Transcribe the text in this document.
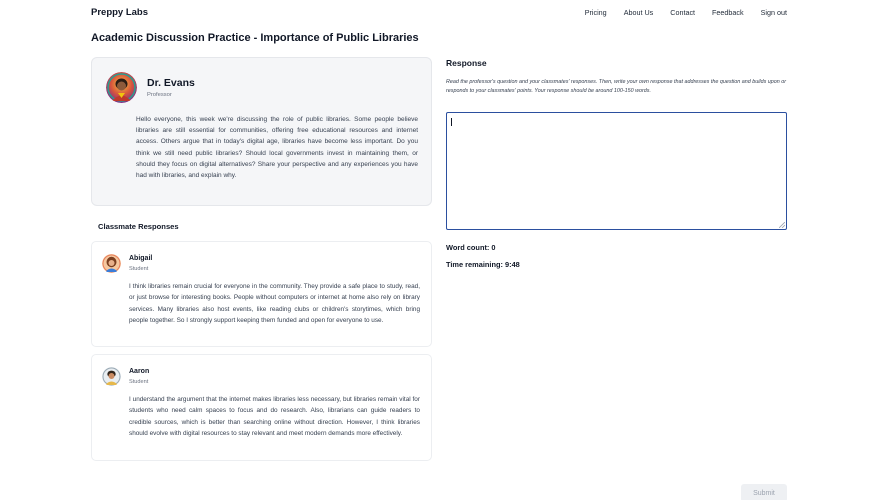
Preppy Labs	Pricing About Us Contact Feedback Sign out
Academic Discussion Practice - Importance of Public Libraries
Dr. Evans
Professor

Hello everyone, this week we're discussing the role of public libraries. Some people believe libraries are still essential for communities, offering free educational resources and internet access. Others argue that in today's digital age, libraries have become less important. Do you think we still need public libraries? Should local governments invest in maintaining them, or should they focus on digital alternatives? Share your perspective and any experiences you have had with libraries, and explain why.

Classmate Responses
Abigail
Student

I think libraries remain crucial for everyone in the community. They provide a safe place to study, read, or just browse for interesting books. People without computers or internet at home also rely on library services. Many libraries also host events, like reading clubs or children's storytimes, which bring people together. So I strongly support keeping them funded and open for everyone to use.

Aaron
Student

I understand the argument that the internet makes libraries less necessary, but libraries remain vital for students who need calm spaces to focus and do research. Also, librarians can guide readers to credible sources, which is better than searching online without direction. However, I think libraries should evolve with digital resources to stay relevant and meet modern demands more effectively.

Response

Read the professor's question and your classmates' responses. Then, write your own response that addresses the question and builds upon or responds to your classmates' points. Your response should be around 100-150 words.

Word count: 0
Time remaining: 9:48
Submit
